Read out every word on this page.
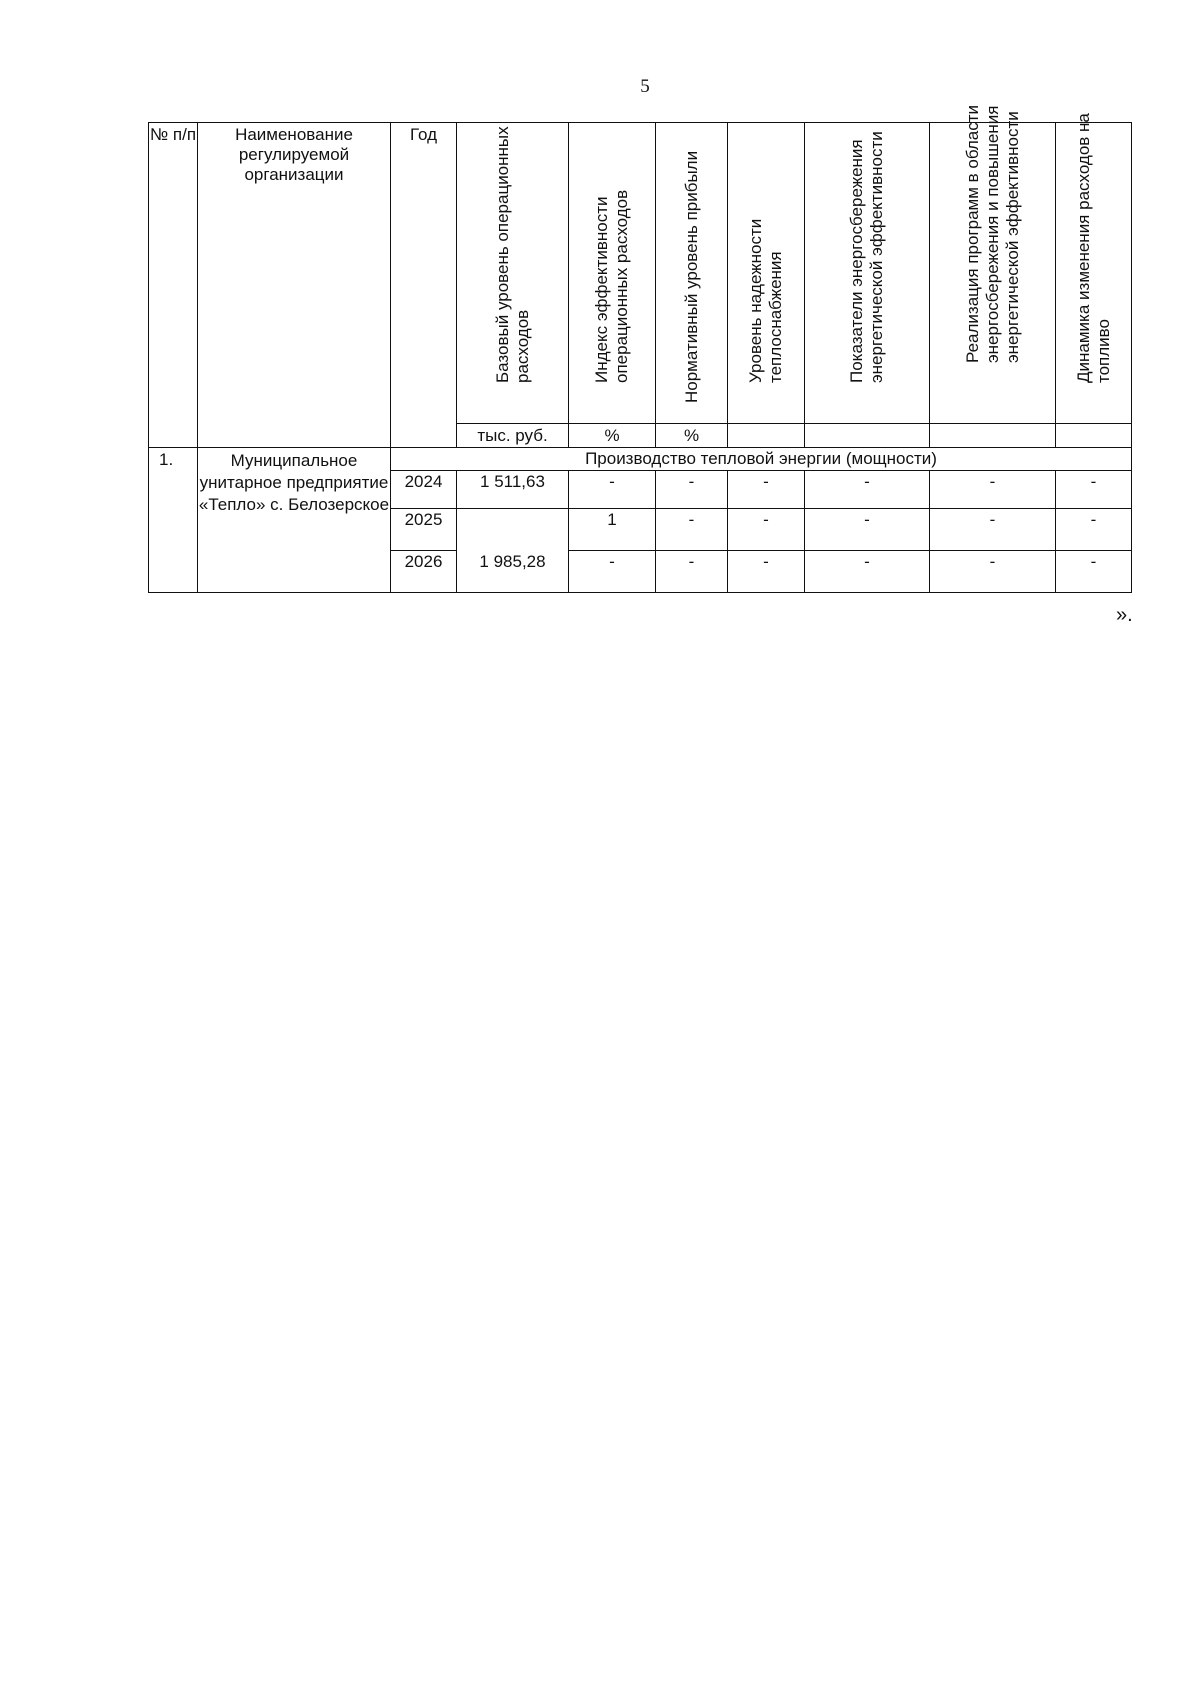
5
№ п/п	Наименование регулируемой организации	Год	Базовый уровень операционных расходов	Индекс эффективности операционных расходов	Нормативный уровень прибыли	Уровень надежности теплоснабжения	Показатели энергосбережения энергетической эффективности	Реализация программ в области энергосбережения и повышения энергетической эффективности	Динамика изменения расходов на топливо

			тыс. руб.	%	%				
1.	Муниципальное унитарное предприятие «Тепло» с. Белозерское	Производство тепловой энергии (мощности)							
		2024	1 511,63	-	-	-	-	-	-
		2025		1	-	-	-	-	-
		2026	1 985,28	-	-	-	-	-	-
».
